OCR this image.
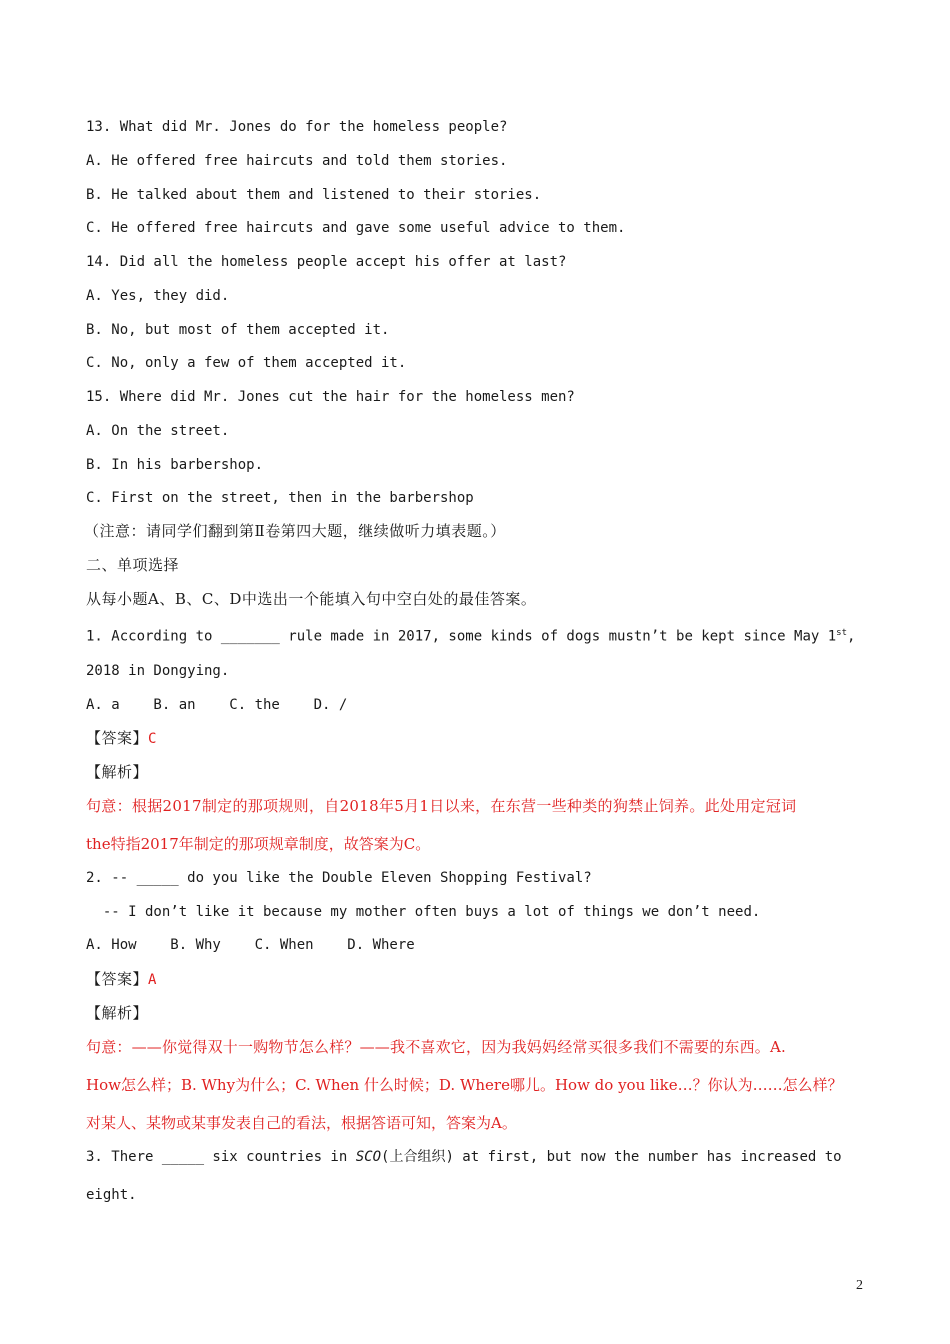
13. What did Mr. Jones do for the homeless people?
A. He offered free haircuts and told them stories.
B. He talked about them and listened to their stories.
C. He offered free haircuts and gave some useful advice to them.
14. Did all the homeless people accept his offer at last?
A. Yes, they did.
B. No, but most of them accepted it.
C. No, only a few of them accepted it.
15. Where did Mr. Jones cut the hair for the homeless men?
A. On the street.
B. In his barbershop.
C. First on the street, then in the barbershop
（注意：请同学们翻到第Ⅱ卷第四大题，继续做听力填表题。）
二、单项选择
从每小题A、B、C、D中选出一个能填入句中空白处的最佳答案。
1. According to _______ rule made in 2017, some kinds of dogs mustn’t be kept since May 1st,
2018 in Dongying.
A. a    B. an    C. the    D. /
【答案】C
【解析】
句意：根据2017制定的那项规则，自2018年5月1日以来，在东营一些种类的狗禁止饲养。此处用定冠词
the特指2017年制定的那项规章制度，故答案为C。
2. -- _____ do you like the Double Eleven Shopping Festival?
-- I don’t like it because my mother often buys a lot of things we don’t need.
A. How    B. Why    C. When    D. Where
【答案】A
【解析】
句意：——你觉得双十一购物节怎么样？——我不喜欢它，因为我妈妈经常买很多我们不需要的东西。A.
How怎么样；B. Why为什么；C. When 什么时候；D. Where哪儿。How do you like…？你认为……怎么样？
对某人、某物或某事发表自己的看法，根据答语可知，答案为A。
3. There _____ six countries in SCO(上合组织) at first, but now the number has increased to
eight.
2
